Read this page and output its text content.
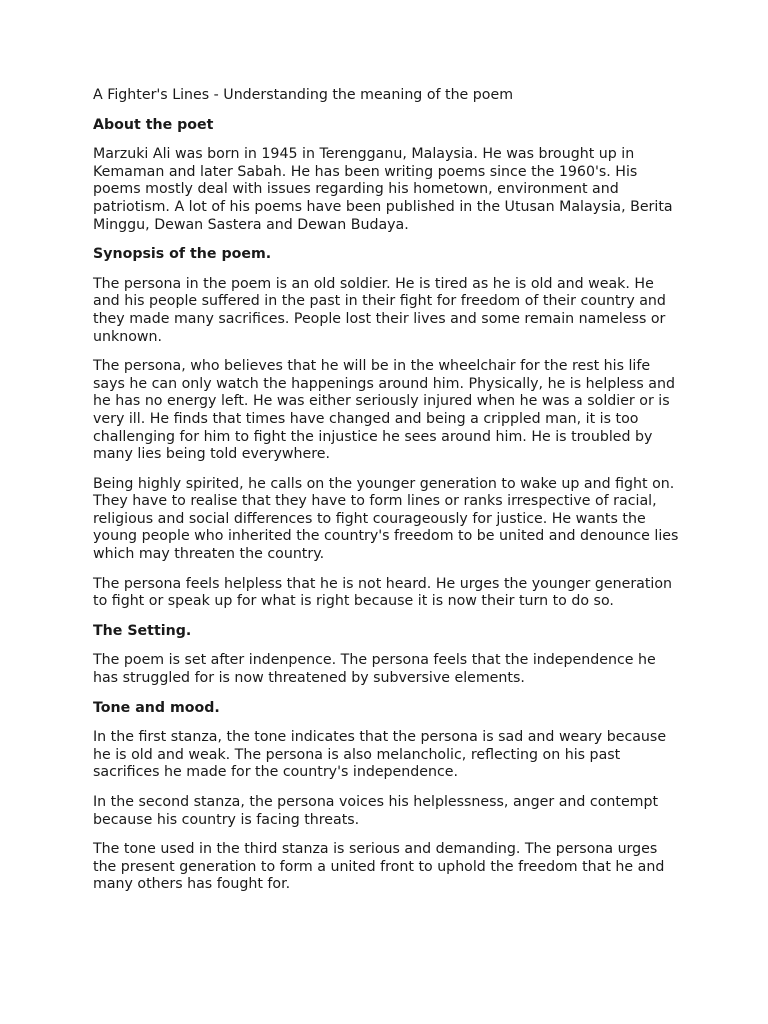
A Fighter's Lines - Understanding the meaning of the poem

About the poet

Marzuki Ali was born in 1945 in Terengganu, Malaysia. He was brought up in Kemaman and later Sabah. He has been writing poems since the 1960's. His poems mostly deal with issues regarding his hometown, environment and patriotism. A lot of his poems have been published in the Utusan Malaysia, Berita Minggu, Dewan Sastera and Dewan Budaya.

Synopsis of the poem.

The persona in the poem is an old soldier. He is tired as he is old and weak. He and his people suffered in the past in their fight for freedom of their country and they made many sacrifices. People lost their lives and some remain nameless or unknown.

The persona, who believes that he will be in the wheelchair for the rest his life says he can only watch the happenings around him. Physically, he is helpless and he has no energy left. He was either seriously injured when he was a soldier or is very ill. He finds that times have changed and being a crippled man, it is too challenging for him to fight the injustice he sees around him. He is troubled by many lies being told everywhere.

Being highly spirited, he calls on the younger generation to wake up and fight on. They have to realise that they have to form lines or ranks irrespective of racial, religious and social differences to fight courageously for justice. He wants the young people who inherited the country's freedom to be united and denounce lies which may threaten the country.

The persona feels helpless that he is not heard. He urges the younger generation to fight or speak up for what is right because it is now their turn to do so.

The Setting.

The poem is set after indenpence. The persona feels that the independence he has struggled for is now threatened by subversive elements.

Tone and mood.

In the first stanza, the tone indicates that the persona is sad and weary because he is old and weak. The persona is also melancholic, reflecting on his past sacrifices he made for the country's independence.

In the second stanza, the persona voices his helplessness, anger and contempt because his country is facing threats.

The tone used in the third stanza is serious and demanding. The persona urges the present generation to form a united front to uphold the freedom that he and many others has fought for.
